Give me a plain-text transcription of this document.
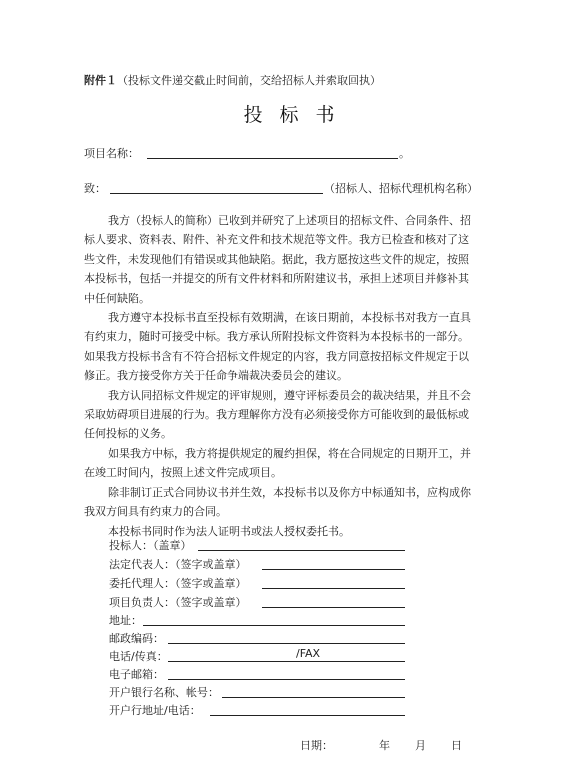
附件１（投标文件递交截止时间前，交给招标人并索取回执）
投标书
项目名称：	。
致：	（招标人、招标代理机构名称）
我方（投标人的简称）已收到并研究了上述项目的招标文件、合同条件、招
标人要求、资料表、附件、补充文件和技术规范等文件。我方已检查和核对了这
些文件，未发现他们有错误或其他缺陷。据此，我方愿按这些文件的规定，按照
本投标书，包括一并提交的所有文件材料和所附建议书，承担上述项目并修补其
中任何缺陷。
我方遵守本投标书直至投标有效期满，在该日期前，本投标书对我方一直具
有约束力，随时可接受中标。我方承认所附投标文件资料为本投标书的一部分。
如果我方投标书含有不符合招标文件规定的内容，我方同意按招标文件规定于以
修正。我方接受你方关于任命争端裁决委员会的建议。
我方认同招标文件规定的评审规则，遵守评标委员会的裁决结果，并且不会
采取妨碍项目进展的行为。我方理解你方没有必须接受你方可能收到的最低标或
任何投标的义务。
如果我方中标，我方将提供规定的履约担保，将在合同规定的日期开工，并
在竣工时间内，按照上述文件完成项目。
除非制订正式合同协议书并生效，本投标书以及你方中标通知书，应构成你
我双方间具有约束力的合同。
本投标书同时作为法人证明书或法人授权委托书。
投标人：（盖章）
法定代表人：（签字或盖章）
委托代理人：（签字或盖章）
项目负责人：（签字或盖章）
地址：
邮政编码：
电话/传真：	/FAX
电子邮箱：
开户银行名称、帐号：
开户行地址/电话：
日期：	年 月 日
